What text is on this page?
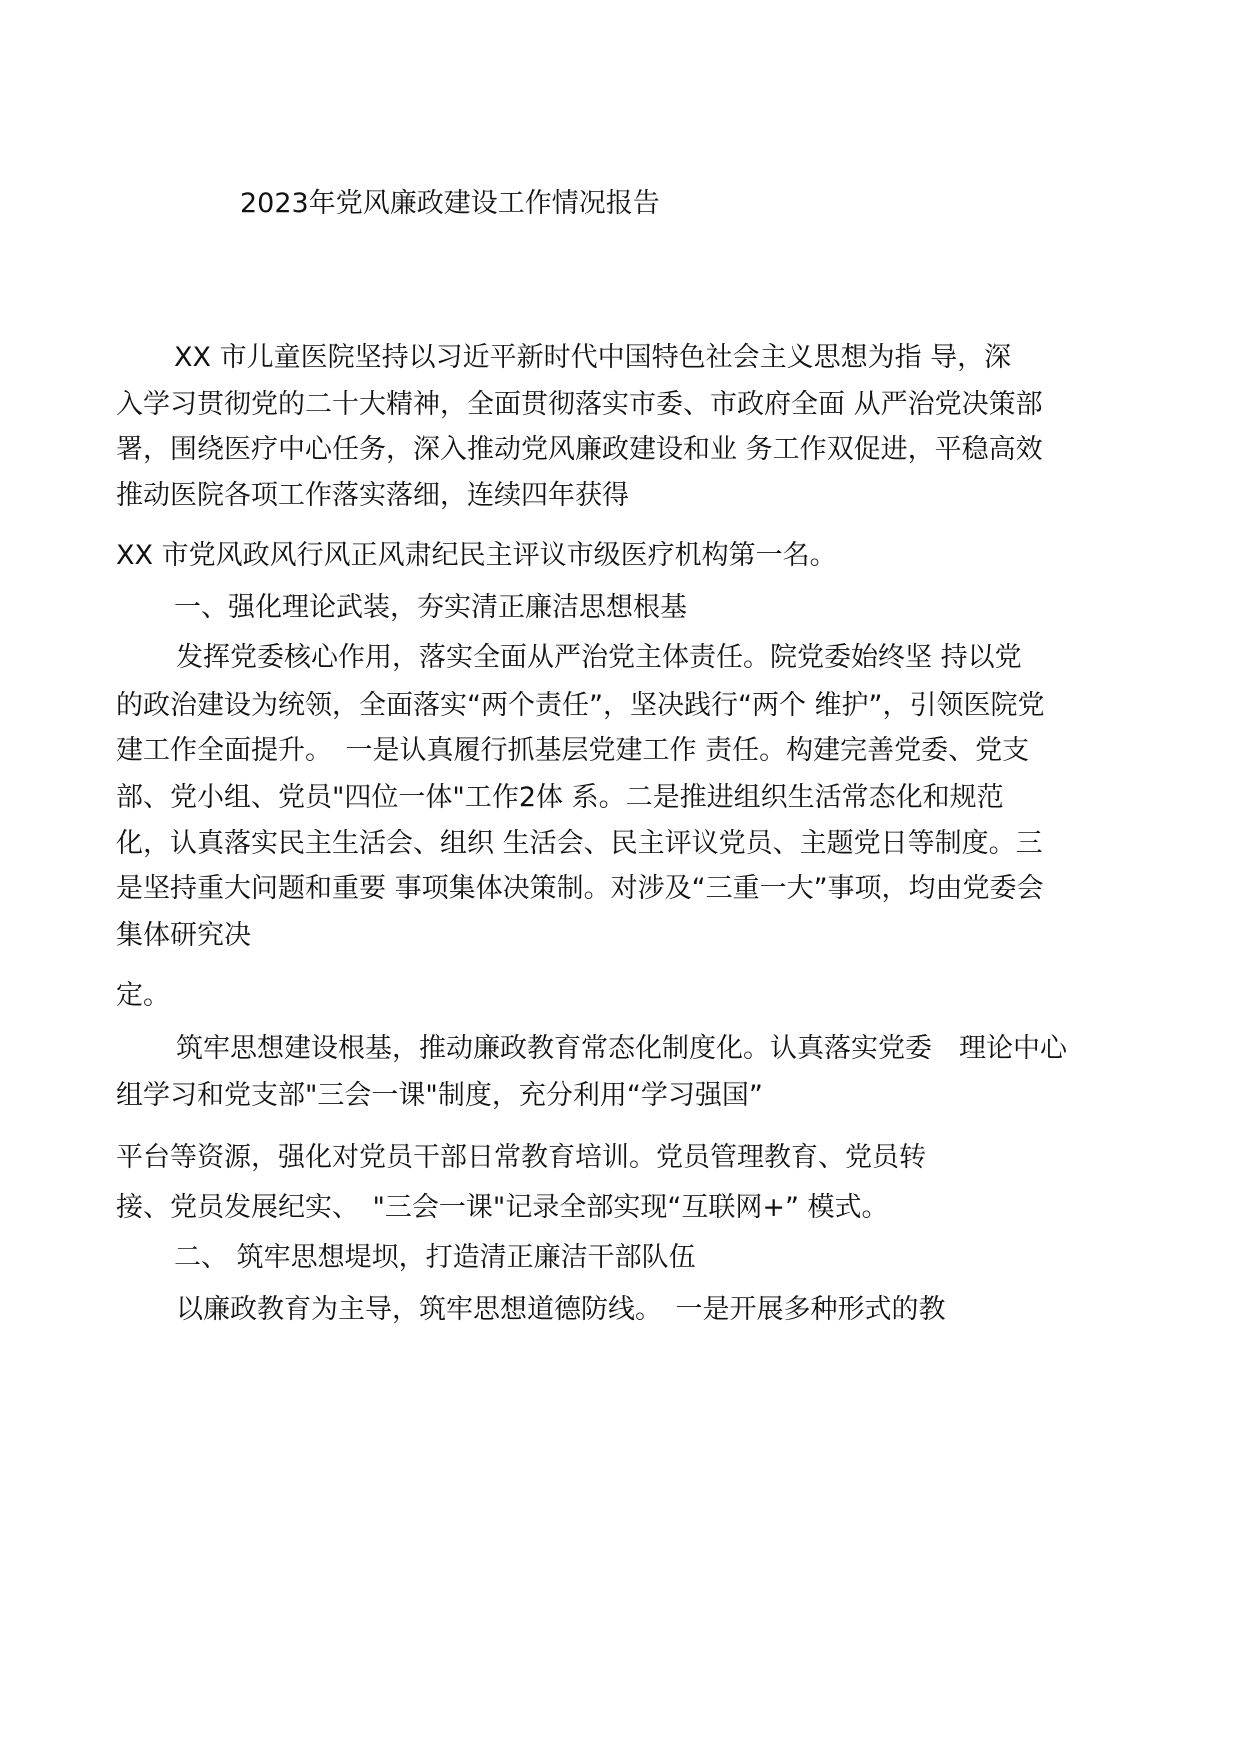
2023年党风廉政建设工作情况报告
XX 市儿童医院坚持以习近平新时代中国特色社会主义思想为指 导，深
入学习贯彻党的二十大精神，全面贯彻落实市委、市政府全面 从严治党决策部
署，围绕医疗中心任务，深入推动党风廉政建设和业 务工作双促进，平稳高效
推动医院各项工作落实落细，连续四年获得
XX 市党风政风行风正风肃纪民主评议市级医疗机构第一名。
一、强化理论武装，夯实清正廉洁思想根基
发挥党委核心作用，落实全面从严治党主体责任。院党委始终坚 持以党
的政治建设为统领，全面落实“两个责任”，坚决践行“两个 维护”，引领医院党
建工作全面提升。　一是认真履行抓基层党建工作 责任。构建完善党委、党支
部、党小组、党员"四位一体"工作2体 系。二是推进组织生活常态化和规范
化，认真落实民主生活会、组织 生活会、民主评议党员、主题党日等制度。三
是坚持重大问题和重要 事项集体决策制。对涉及“三重一大”事项，均由党委会
集体研究决
定。
筑牢思想建设根基，推动廉政教育常态化制度化。认真落实党委　理论中心
组学习和党支部"三会一课"制度，充分利用“学习强国”
平台等资源，强化对党员干部日常教育培训。党员管理教育、党员转
接、党员发展纪实、　"三会一课"记录全部实现“互联网+” 模式。
二、 筑牢思想堤坝，打造清正廉洁干部队伍
以廉政教育为主导，筑牢思想道德防线。　一是开展多种形式的教
